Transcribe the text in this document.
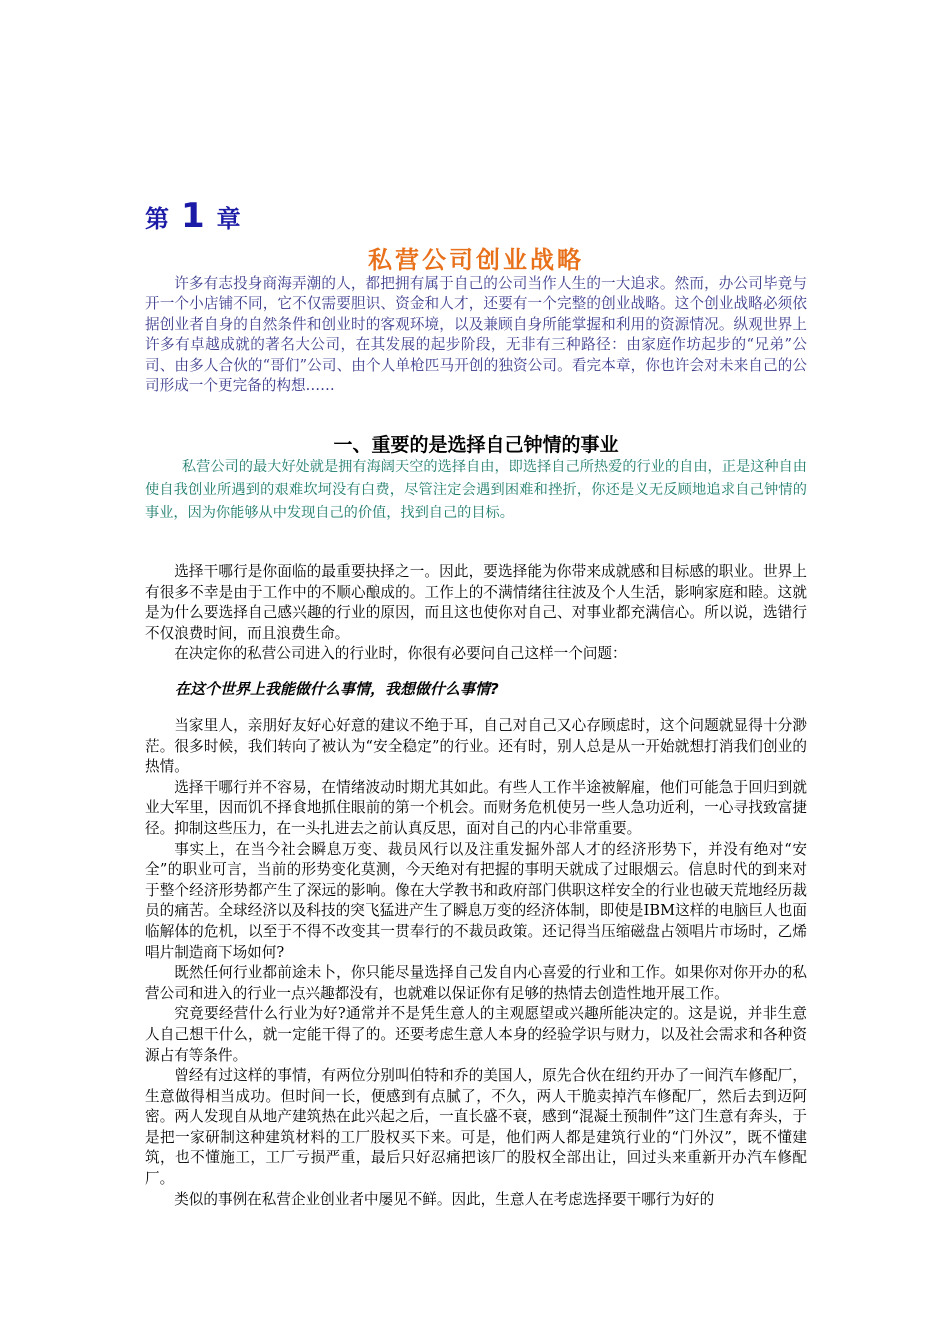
第 1 章
私营公司创业战略

许多有志投身商海弄潮的人，都把拥有属于自己的公司当作人生的一大追求。然而，办公司毕竟与开一个小店铺不同，它不仅需要胆识、资金和人才，还要有一个完整的创业战略。这个创业战略必须依据创业者自身的自然条件和创业时的客观环境，以及兼顾自身所能掌握和利用的资源情况。纵观世界上许多有卓越成就的著名大公司，在其发展的起步阶段，无非有三种路径：由家庭作坊起步的“兄弟”公司、由多人合伙的“哥们”公司、由个人单枪匹马开创的独资公司。看完本章，你也许会对未来自己的公司形成一个更完备的构想……

一、重要的是选择自己钟情的事业

私营公司的最大好处就是拥有海阔天空的选择自由，即选择自己所热爱的行业的自由，正是这种自由使自我创业所遇到的艰难坎坷没有白费，尽管注定会遇到困难和挫折，你还是义无反顾地追求自己钟情的事业，因为你能够从中发现自己的价值，找到自己的目标。

选择干哪行是你面临的最重要抉择之一。因此，要选择能为你带来成就感和目标感的职业。世界上有很多不幸是由于工作中的不顺心酿成的。工作上的不满情绪往往波及个人生活，影响家庭和睦。这就是为什么要选择自己感兴趣的行业的原因，而且这也使你对自己、对事业都充满信心。所以说，选错行不仅浪费时间，而且浪费生命。

在决定你的私营公司进入的行业时，你很有必要问自己这样一个问题：

在这个世界上我能做什么事情，我想做什么事情?

当家里人，亲朋好友好心好意的建议不绝于耳，自己对自己又心存顾虑时，这个问题就显得十分渺茫。很多时候，我们转向了被认为“安全稳定”的行业。还有时，别人总是从一开始就想打消我们创业的热情。

选择干哪行并不容易，在情绪波动时期尤其如此。有些人工作半途被解雇，他们可能急于回归到就业大军里，因而饥不择食地抓住眼前的第一个机会。而财务危机使另一些人急功近利，一心寻找致富捷径。抑制这些压力，在一头扎进去之前认真反思，面对自己的内心非常重要。

事实上，在当今社会瞬息万变、裁员风行以及注重发掘外部人才的经济形势下，并没有绝对“安全”的职业可言，当前的形势变化莫测，今天绝对有把握的事明天就成了过眼烟云。信息时代的到来对于整个经济形势都产生了深远的影响。像在大学教书和政府部门供职这样安全的行业也破天荒地经历裁员的痛苦。全球经济以及科技的突飞猛进产生了瞬息万变的经济体制，即使是IBM这样的电脑巨人也面临解体的危机，以至于不得不改变其一贯奉行的不裁员政策。还记得当压缩磁盘占领唱片市场时，乙烯唱片制造商下场如何?

既然任何行业都前途未卜，你只能尽量选择自己发自内心喜爱的行业和工作。如果你对你开办的私营公司和进入的行业一点兴趣都没有，也就难以保证你有足够的热情去创造性地开展工作。

究竟要经营什么行业为好?通常并不是凭生意人的主观愿望或兴趣所能决定的。这是说，并非生意人自己想干什么，就一定能干得了的。还要考虑生意人本身的经验学识与财力，以及社会需求和各种资源占有等条件。

曾经有过这样的事情，有两位分别叫伯特和乔的美国人，原先合伙在纽约开办了一间汽车修配厂，生意做得相当成功。但时间一长，便感到有点腻了，不久，两人干脆卖掉汽车修配厂，然后去到迈阿密。两人发现自从地产建筑热在此兴起之后，一直长盛不衰，感到“混凝土预制件”这门生意有奔头，于是把一家研制这种建筑材料的工厂股权买下来。可是，他们两人都是建筑行业的“门外汉”，既不懂建筑，也不懂施工，工厂亏损严重，最后只好忍痛把该厂的股权全部出让，回过头来重新开办汽车修配厂。

类似的事例在私营企业创业者中屡见不鲜。因此，生意人在考虑选择要干哪行为好的
